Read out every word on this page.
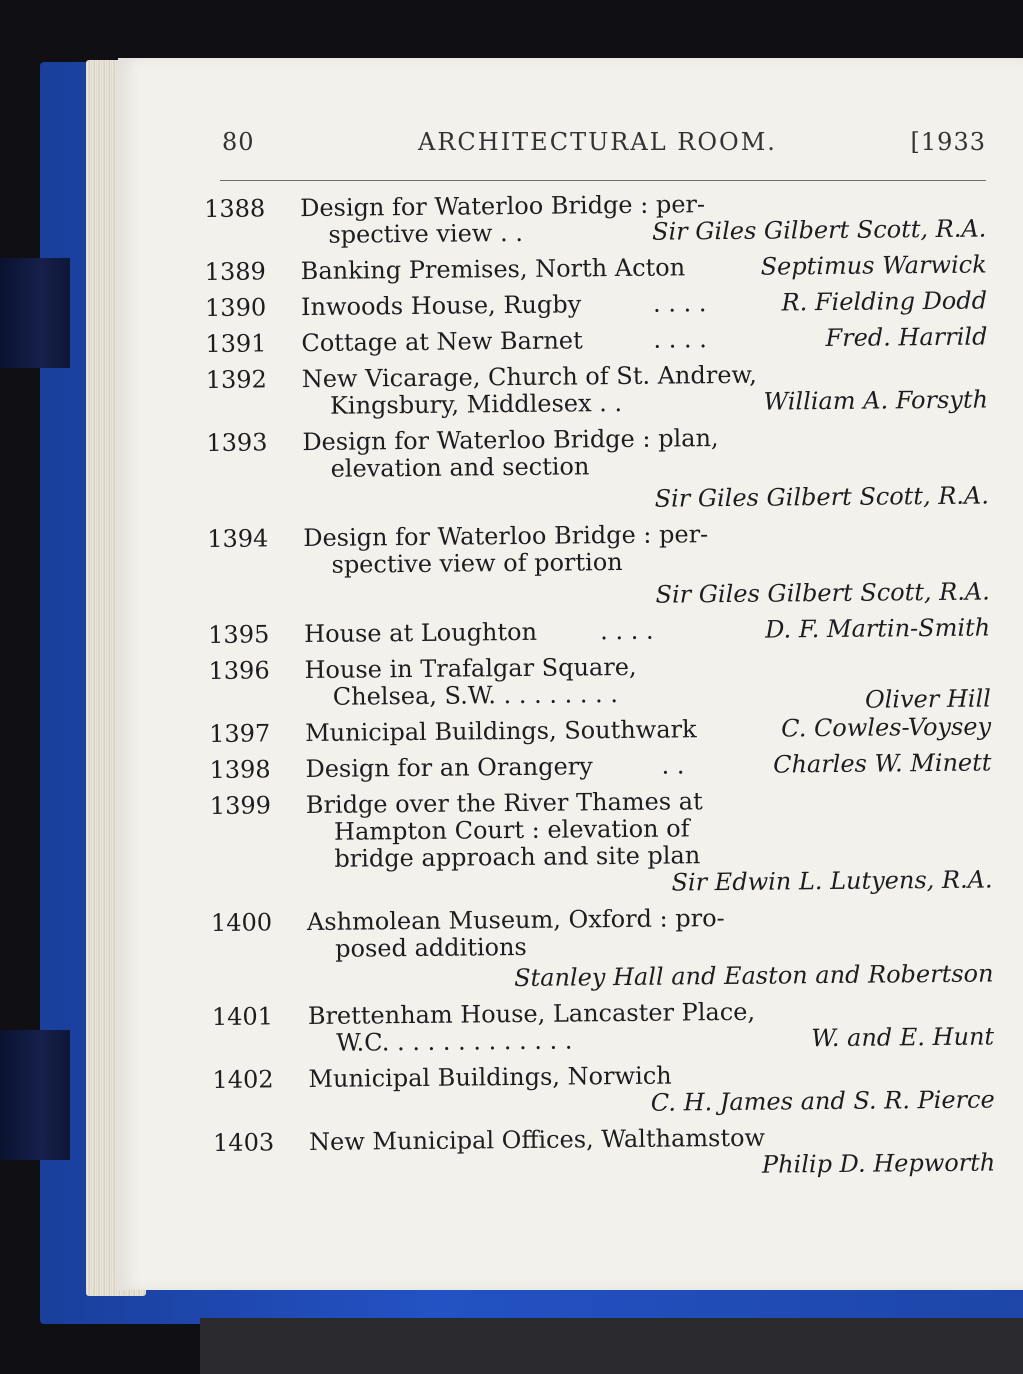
80	ARCHITECTURAL ROOM.	[1933
1388	Design for Waterloo Bridge : per-
spective view . .	Sir Giles Gilbert Scott, R.A.
1389	Banking Premises, North Acton	Septimus Warwick
1390	Inwoods House, Rugby	. . . .	R. Fielding Dodd
1391	Cottage at New Barnet	. . . .	Fred. Harrild
1392	New Vicarage, Church of St. Andrew,
Kingsbury, Middlesex . .	William A. Forsyth
1393	Design for Waterloo Bridge : plan,
elevation and section
Sir Giles Gilbert Scott, R.A.
1394	Design for Waterloo Bridge : per-
spective view of portion
Sir Giles Gilbert Scott, R.A.
1395	House at Loughton	. . . .	D. F. Martin-Smith
1396	House in Trafalgar Square,
Chelsea, S.W. . . . . . . . .	Oliver Hill
1397	Municipal Buildings, Southwark	C. Cowles-Voysey
1398	Design for an Orangery	. .	Charles W. Minett
1399	Bridge over the River Thames at
Hampton Court : elevation of
bridge approach and site plan
Sir Edwin L. Lutyens, R.A.
1400	Ashmolean Museum, Oxford : pro-
posed additions
Stanley Hall and Easton and Robertson
1401	Brettenham House, Lancaster Place,
W.C. . . . . . . . . . . . .	W. and E. Hunt
1402	Municipal Buildings, Norwich
C. H. James and S. R. Pierce
1403	New Municipal Offices, Walthamstow
Philip D. Hepworth
